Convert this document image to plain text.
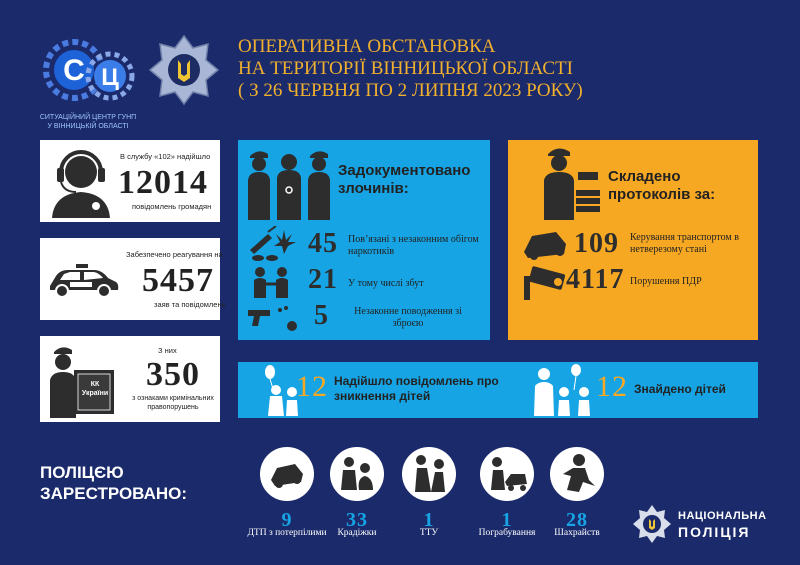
С Ц
СИТУАЦІЙНИЙ ЦЕНТР ГУНП
У ВІННИЦЬКІЙ ОБЛАСТІ
ОПЕРАТИВНА ОБСТАНОВКА
НА ТЕРИТОРІЇ ВІННИЦЬКОЇ ОБЛАСТІ
( З 26 ЧЕРВНЯ ПО 2 ЛИПНЯ 2023 РОКУ)
В службу «102» надійшло
12014
повідомлень громадян
Забезпечено реагування на
5457
заяв та повідомлень
КК України
З них
350
з ознаками кримінальних правопорушень
Задокументовано злочинів:
45 Пов’язані з незаконним обігом наркотиків
21 У тому числі збут
5	Незаконне поводження зі зброєю
Складено протоколів за:
109 Керування транспортом в нетверезому стані
4117 Порушення ПДР
12 Надійшло повідомлень про зникнення дітей	12 Знайдено дітей
ПОЛІЦЄЮ ЗАРЕСТРОВАНО:
9
ДТП з потерпілими
33
Крадіжки
1
ТТУ
1
Пограбування
28
Шахрайств
НАЦІОНАЛЬНА
ПОЛІЦІЯ
